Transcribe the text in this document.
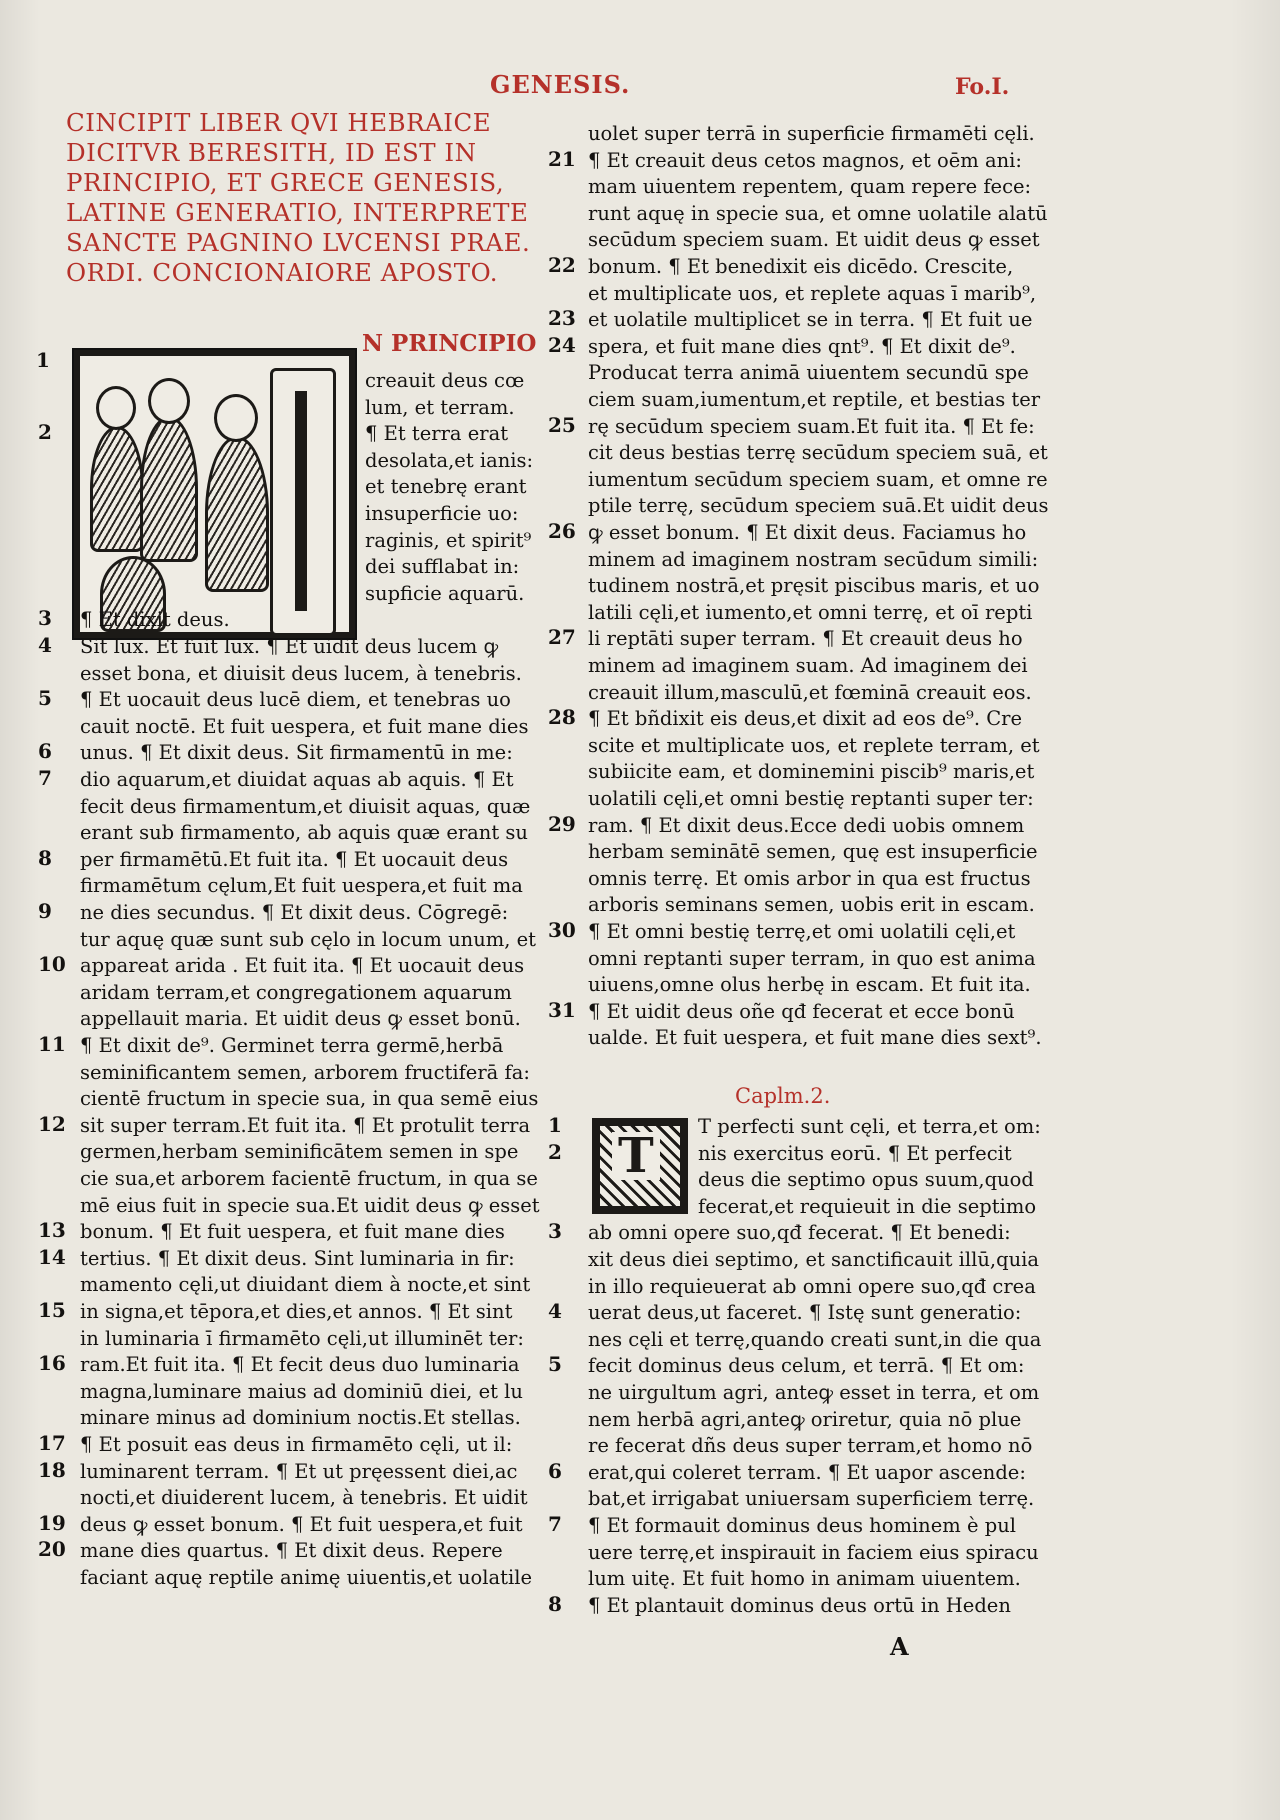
GENESIS.	Fo.I.
CINCIPIT LIBER QVI HEBRAICE
DICITVR BERESITH, ID EST IN
PRINCIPIO, ET GRECE GENESIS,
LATINE GENERATIO, INTERPRETE
SANCTE PAGNINO LVCENSI PRAE.
ORDI. CONCIONAIORE APOSTO.
1
N PRINCIPIO
Caplm.2.
T
A
creauit deus cœ
lum, et terram.
¶ Et terra erat
2
desolata,et ianis:
et tenebrę erant
insuperficie uo:
raginis, et spirit⁹
dei sufflabat in:
supficie aquarū.
¶ Et dixit deus.
3
Sit lux. Et fuit lux. ¶ Et uidit deus lucem ꝙ
4
esset bona, et diuisit deus lucem, à tenebris.
¶ Et uocauit deus lucē diem, et tenebras uo
5
cauit noctē. Et fuit uespera, et fuit mane dies
unus. ¶ Et dixit deus. Sit firmamentū in me:
6
dio aquarum,et diuidat aquas ab aquis. ¶ Et
7
fecit deus firmamentum,et diuisit aquas, quæ
erant sub firmamento, ab aquis quæ erant su
per firmamētū.Et fuit ita. ¶ Et uocauit deus
8
firmamētum cęlum,Et fuit uespera,et fuit ma
ne dies secundus. ¶ Et dixit deus. Cōgregē:
9
tur aquę quæ sunt sub cęlo in locum unum, et
appareat arida . Et fuit ita. ¶ Et uocauit deus
10
aridam terram,et congregationem aquarum
appellauit maria. Et uidit deus ꝙ esset bonū.
¶ Et dixit de⁹. Germinet terra germē,herbā
11
seminificantem semen, arborem fructiferā fa:
cientē fructum in specie sua, in qua semē eius
sit super terram.Et fuit ita. ¶ Et protulit terra
12
germen,herbam seminificātem semen in spe
cie sua,et arborem facientē fructum, in qua se
mē eius fuit in specie sua.Et uidit deus ꝙ esset
bonum. ¶ Et fuit uespera, et fuit mane dies
13
tertius. ¶ Et dixit deus. Sint luminaria in fir:
14
mamento cęli,ut diuidant diem à nocte,et sint
in signa,et tēpora,et dies,et annos. ¶ Et sint
15
in luminaria ī firmamēto cęli,ut illuminēt ter:
ram.Et fuit ita. ¶ Et fecit deus duo luminaria
16
magna,luminare maius ad dominiū diei, et lu
minare minus ad dominium noctis.Et stellas.
¶ Et posuit eas deus in firmamēto cęli, ut il:
17
luminarent terram. ¶ Et ut pręessent diei,ac
18
nocti,et diuiderent lucem, à tenebris. Et uidit
deus ꝙ esset bonum. ¶ Et fuit uespera,et fuit
19
mane dies quartus. ¶ Et dixit deus. Repere
20
faciant aquę reptile animę uiuentis,et uolatile
uolet super terrā in superficie firmamēti cęli.
¶ Et creauit deus cetos magnos, et oēm ani:
21
mam uiuentem repentem, quam repere fece:
runt aquę in specie sua, et omne uolatile alatū
secūdum speciem suam. Et uidit deus ꝙ esset
bonum. ¶ Et benedixit eis dicēdo. Crescite,
22
et multiplicate uos, et replete aquas ī marib⁹,
et uolatile multiplicet se in terra. ¶ Et fuit ue
23
spera, et fuit mane dies qnt⁹. ¶ Et dixit de⁹.
24
Producat terra animā uiuentem secundū spe
ciem suam,iumentum,et reptile, et bestias ter
rę secūdum speciem suam.Et fuit ita. ¶ Et fe:
25
cit deus bestias terrę secūdum speciem suā, et
iumentum secūdum speciem suam, et omne re
ptile terrę, secūdum speciem suā.Et uidit deus
ꝙ esset bonum. ¶ Et dixit deus. Faciamus ho
26
minem ad imaginem nostram secūdum simili:
tudinem nostrā,et pręsit piscibus maris, et uo
latili cęli,et iumento,et omni terrę, et oī repti
li reptāti super terram. ¶ Et creauit deus ho
27
minem ad imaginem suam. Ad imaginem dei
creauit illum,masculū,et fœminā creauit eos.
¶ Et bñdixit eis deus,et dixit ad eos de⁹. Cre
28
scite et multiplicate uos, et replete terram, et
subiicite eam, et dominemini piscib⁹ maris,et
uolatili cęli,et omni bestię reptanti super ter:
ram. ¶ Et dixit deus.Ecce dedi uobis omnem
29
herbam seminātē semen, quę est insuperficie
omnis terrę. Et omis arbor in qua est fructus
arboris seminans semen, uobis erit in escam.
¶ Et omni bestię terrę,et omi uolatili cęli,et
30
omni reptanti super terram, in quo est anima
uiuens,omne olus herbę in escam. Et fuit ita.
¶ Et uidit deus oñe qđ fecerat et ecce bonū
31
ualde. Et fuit uespera, et fuit mane dies sext⁹.
T perfecti sunt cęli, et terra,et om:
1
nis exercitus eorū. ¶ Et perfecit
2
deus die septimo opus suum,quod
fecerat,et requieuit in die septimo
ab omni opere suo,qđ fecerat. ¶ Et benedi:
3
xit deus diei septimo, et sanctificauit illū,quia
in illo requieuerat ab omni opere suo,qđ crea
uerat deus,ut faceret. ¶ Istę sunt generatio:
4
nes cęli et terrę,quando creati sunt,in die qua
fecit dominus deus celum, et terrā. ¶ Et om:
5
ne uirgultum agri, anteꝙ esset in terra, et om
nem herbā agri,anteꝙ oriretur, quia nō plue
re fecerat dñs deus super terram,et homo nō
erat,qui coleret terram. ¶ Et uapor ascende:
6
bat,et irrigabat uniuersam superficiem terrę.
¶ Et formauit dominus deus hominem è pul
7
uere terrę,et inspirauit in faciem eius spiracu
lum uitę. Et fuit homo in animam uiuentem.
¶ Et plantauit dominus deus ortū in Heden
8
